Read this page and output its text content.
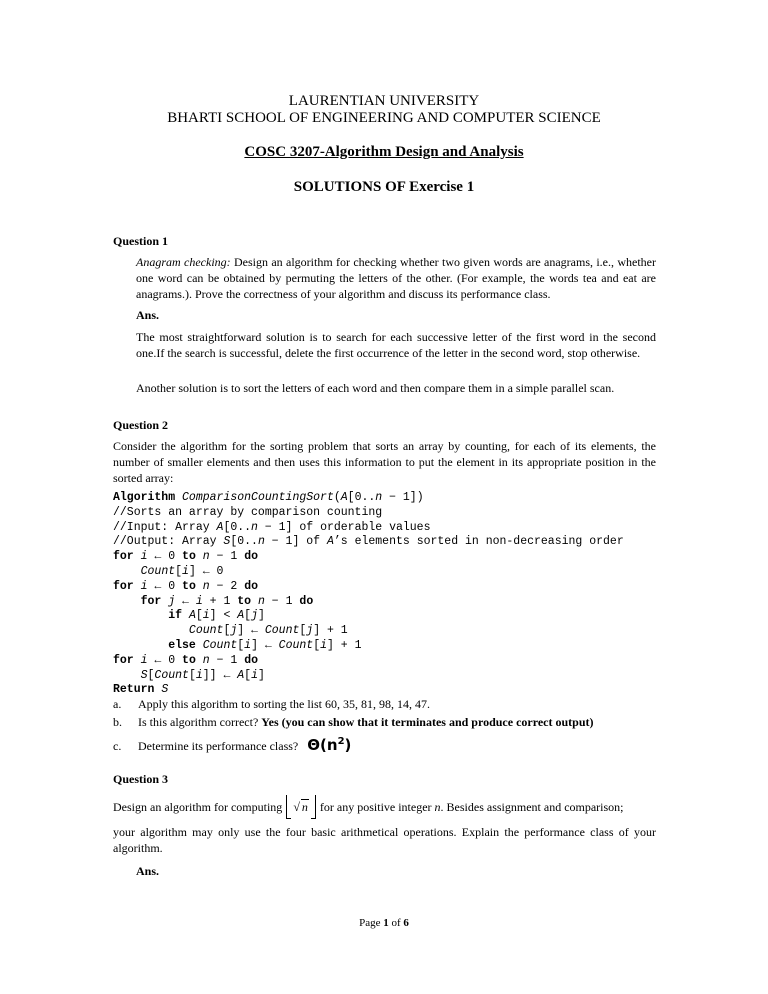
LAURENTIAN UNIVERSITY
BHARTI SCHOOL OF ENGINEERING AND COMPUTER SCIENCE
COSC 3207-Algorithm Design and Analysis
SOLUTIONS OF Exercise 1
Question 1
Anagram checking: Design an algorithm for checking whether two given words are anagrams, i.e., whether one word can be obtained by permuting the letters of the other. (For example, the words tea and eat are anagrams.). Prove the correctness of your algorithm and discuss its performance class.
Ans.
The most straightforward solution is to search for each successive letter of the first word in the second one.If the search is successful, delete the first occurrence of the letter in the second word, stop otherwise.
Another solution is to sort the letters of each word and then compare them in a simple parallel scan.
Question 2
Consider the algorithm for the sorting problem that sorts an array by counting, for each of its elements, the number of smaller elements and then uses this information to put the element in its appropriate position in the sorted array:
Algorithm ComparisonCountingSort(A[0..n − 1])
//Sorts an array by comparison counting
//Input: Array A[0..n − 1] of orderable values
//Output: Array S[0..n − 1] of A’s elements sorted in non-decreasing order
for i ← 0 to n − 1 do
Count[i] ← 0
for i ← 0 to n − 2 do
for j ← i + 1 to n − 1 do
if A[i] < A[j]
Count[j] ← Count[j] + 1
else Count[i] ← Count[i] + 1
for i ← 0 to n − 1 do
S[Count[i]] ← A[i]
Return S
a. Apply this algorithm to sorting the list 60, 35, 81, 98, 14, 47.
b. Is this algorithm correct? Yes (you can show that it terminates and produce correct output)
c. Determine its performance class? $\Theta(n^2)$
Question 3
Design an algorithm for computing √ n for any positive integer n. Besides assignment and comparison;
your algorithm may only use the four basic arithmetical operations. Explain the performance class of your algorithm.
Ans.
Page 1 of 6
